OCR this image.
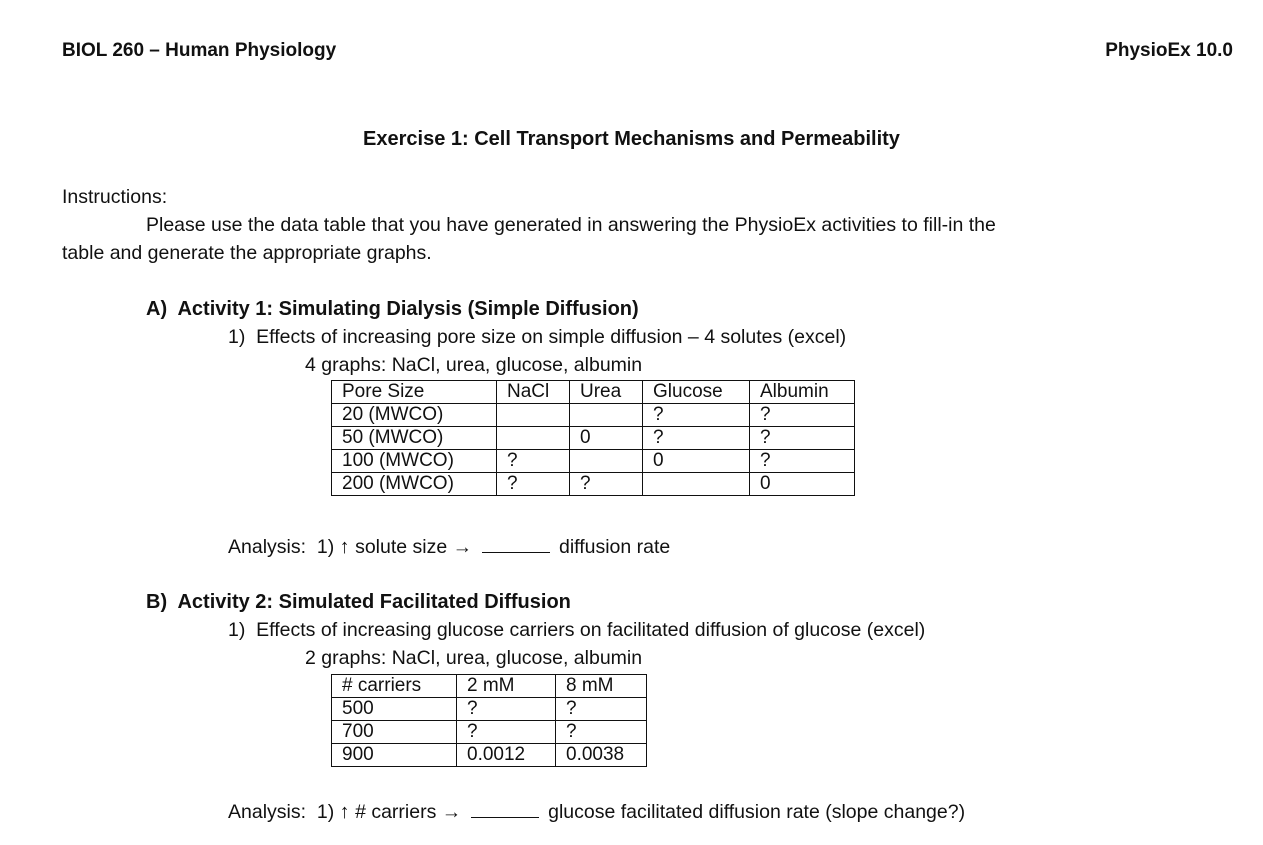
BIOL 260 – Human Physiology	PhysioEx 10.0
Exercise 1: Cell Transport Mechanisms and Permeability
Instructions:
Please use the data table that you have generated in answering the PhysioEx activities to fill-in the
table and generate the appropriate graphs.
A)  Activity 1: Simulating Dialysis (Simple Diffusion)
1)  Effects of increasing pore size on simple diffusion – 4 solutes (excel)
4 graphs: NaCl, urea, glucose, albumin
Pore Size	NaCl	Urea	Glucose	Albumin
20 (MWCO)			?	?
50 (MWCO)		0	?	?
100 (MWCO)	?		0	?
200 (MWCO)	?	?		0
Analysis: 1) ↑ solute size →	diffusion rate
B)  Activity 2: Simulated Facilitated Diffusion
1)  Effects of increasing glucose carriers on facilitated diffusion of glucose (excel)
2 graphs: NaCl, urea, glucose, albumin
# carriers	2 mM	8 mM
500	?	?
700	?	?
900	0.0012	0.0038
Analysis: 1) ↑ # carriers →	glucose facilitated diffusion rate (slope change?)
